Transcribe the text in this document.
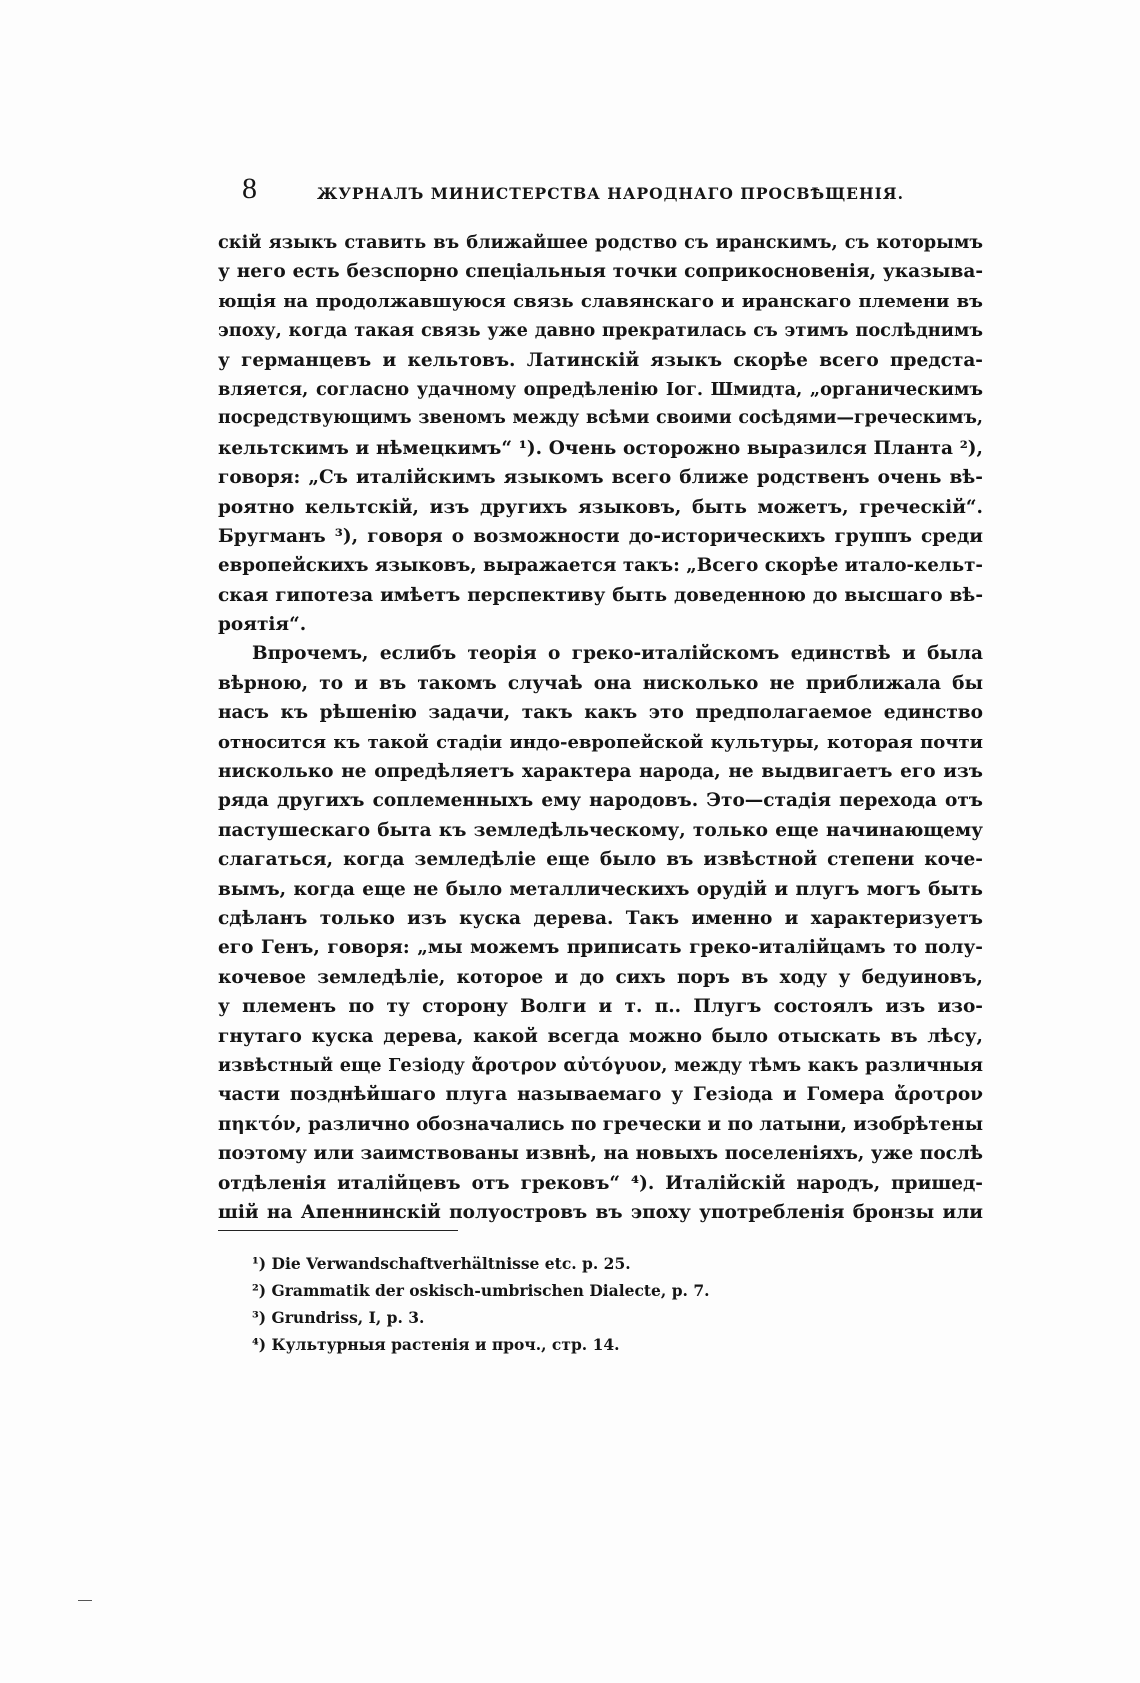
8	ЖУРНАЛЪ МИНИСТЕРСТВА НАРОДНАГО ПРОСВѢЩЕНІЯ.
скій языкъ ставить въ ближайшее родство съ иранскимъ, съ которымъ
у него есть безспорно спеціальныя точки соприкосновенія, указыва-
ющія на продолжавшуюся связь славянскаго и иранскаго племени въ
эпоху, когда такая связь уже давно прекратилась съ этимъ послѣднимъ
у германцевъ и кельтовъ. Латинскій языкъ скорѣе всего предста-
вляется, согласно удачному опредѣленію Іог. Шмидта, „органическимъ
посредствующимъ звеномъ между всѣми своими сосѣдями—греческимъ,
кельтскимъ и нѣмецкимъ“ ¹). Очень осторожно выразился Планта ²),
говоря: „Съ италійскимъ языкомъ всего ближе родственъ очень вѣ-
роятно кельтскій, изъ другихъ языковъ, быть можетъ, греческій“.
Бругманъ ³), говоря о возможности до-историческихъ группъ среди
европейскихъ языковъ, выражается такъ: „Всего скорѣе итало-кельт-
ская гипотеза имѣетъ перспективу быть доведенною до высшаго вѣ-
роятія“.
Впрочемъ, еслибъ теорія о греко-италійскомъ единствѣ и была
вѣрною, то и въ такомъ случаѣ она нисколько не приближала бы
насъ къ рѣшенію задачи, такъ какъ это предполагаемое единство
относится къ такой стадіи индо-европейской культуры, которая почти
нисколько не опредѣляетъ характера народа, не выдвигаетъ его изъ
ряда другихъ соплеменныхъ ему народовъ. Это—стадія перехода отъ
пастушескаго быта къ земледѣльческому, только еще начинающему
слагаться, когда земледѣліе еще было въ извѣстной степени коче-
вымъ, когда еще не было металлическихъ орудій и плугъ могъ быть
сдѣланъ только изъ куска дерева. Такъ именно и характеризуетъ
его Генъ, говоря: „мы можемъ приписать греко-италійцамъ то полу-
кочевое земледѣліе, которое и до сихъ поръ въ ходу у бедуиновъ,
у племенъ по ту сторону Волги и т. п.. Плугъ состоялъ изъ изо-
гнутаго куска дерева, какой всегда можно было отыскать въ лѣсу,
извѣстный еще Гезіоду ἄροτρον αὐτόγυον, между тѣмъ какъ различныя
части позднѣйшаго плуга называемаго у Гезіода и Гомера ἄροτρον
πηκτόν, различно обозначались по гречески и по латыни, изобрѣтены
поэтому или заимствованы извнѣ, на новыхъ поселеніяхъ, уже послѣ
отдѣленія италійцевъ отъ грековъ“ ⁴). Италійскій народъ, пришед-
шій на Апеннинскій полуостровъ въ эпоху употребленія бронзы или
¹) Die Verwandschaftverhältnisse etc. p. 25.
²) Grammatik der oskisch-umbrischen Dialecte, p. 7.
³) Grundriss, I, p. 3.
⁴) Культурныя растенія и проч., стр. 14.
